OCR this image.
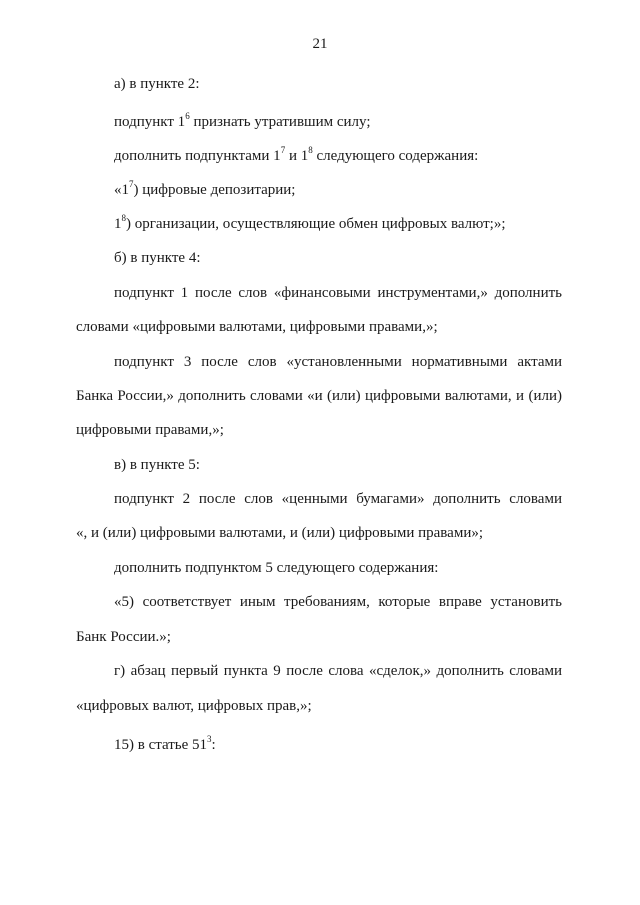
21
а) в пункте 2:
подпункт $1^6$ признать утратившим силу;
дополнить подпунктами $1^7$ и $1^8$ следующего содержания:
«$1^7$) цифровые депозитарии;
$1^8$) организации, осуществляющие обмен цифровых валют;»;
б) в пункте 4:
подпункт 1 после слов «финансовыми инструментами,» дополнить
словами «цифровыми валютами, цифровыми правами,»;
подпункт 3 после слов «установленными нормативными актами
Банка России,» дополнить словами «и (или) цифровыми валютами, и (или)
цифровыми правами,»;
в) в пункте 5:
подпункт 2 после слов «ценными бумагами» дополнить словами
«, и (или) цифровыми валютами, и (или) цифровыми правами»;
дополнить подпунктом 5 следующего содержания:
«5) соответствует иным требованиям, которые вправе установить
Банк России.»;
г) абзац первый пункта 9 после слова «сделок,» дополнить словами
«цифровых валют, цифровых прав,»;
15) в статье $51^3$:
